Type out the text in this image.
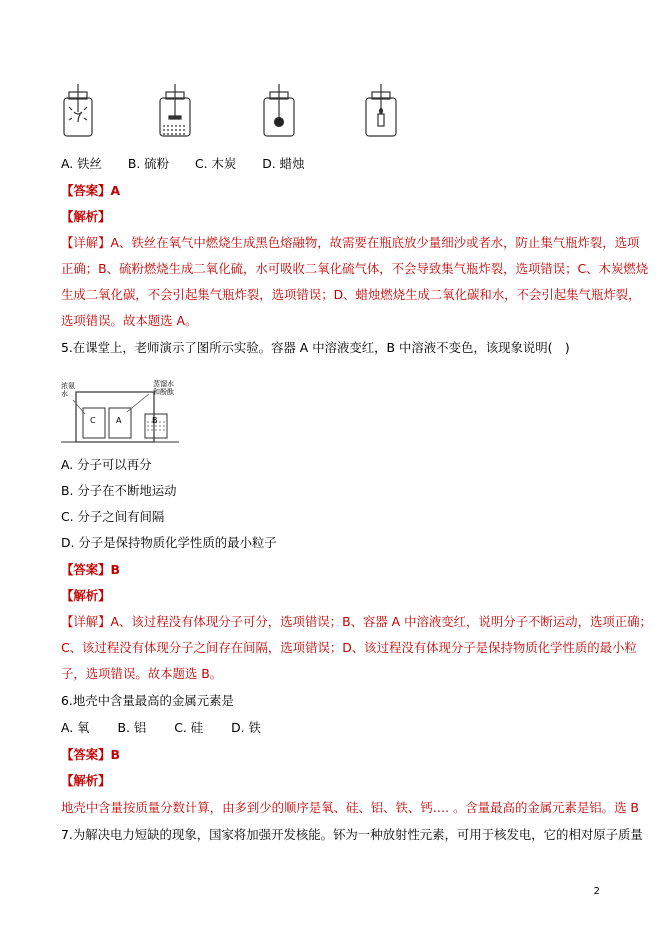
A. 铁丝 B. 硫粉 C. 木炭 D. 蜡烛
【答案】A
【解析】
【详解】A、铁丝在氧气中燃烧生成黑色熔融物，故需要在瓶底放少量细沙或者水，防止集气瓶炸裂，选项
正确；B、硫粉燃烧生成二氧化硫，水可吸收二氧化硫气体，不会导致集气瓶炸裂，选项错误；C、木炭燃烧
生成二氧化碳，不会引起集气瓶炸裂，选项错误；D、蜡烛燃烧生成二氧化碳和水，不会引起集气瓶炸裂，
选项错误。故本题选 A。
5.在课堂上，老师演示了图所示实验。容器 A 中溶液变红，B 中溶液不变色，该现象说明(　)
浓氨水
蒸馏水和酚酞
C	A	B
A. 分子可以再分
B. 分子在不断地运动
C. 分子之间有间隔
D. 分子是保持物质化学性质的最小粒子
【答案】B
【解析】
【详解】A、该过程没有体现分子可分，选项错误；B、容器 A 中溶液变红，说明分子不断运动，选项正确；
C、该过程没有体现分子之间存在间隔，选项错误；D、该过程没有体现分子是保持物质化学性质的最小粒
子，选项错误。故本题选 B。
6.地壳中含量最高的金属元素是
A. 氧 B. 铝 C. 硅 D. 铁
【答案】B
【解析】
地壳中含量按质量分数计算，由多到少的顺序是氧、硅、铝、铁、钙…. 。含量最高的金属元素是铝。选 B
7.为解决电力短缺的现象，国家将加强开发核能。钚为一种放射性元素，可用于核发电，它的相对原子质量
2
